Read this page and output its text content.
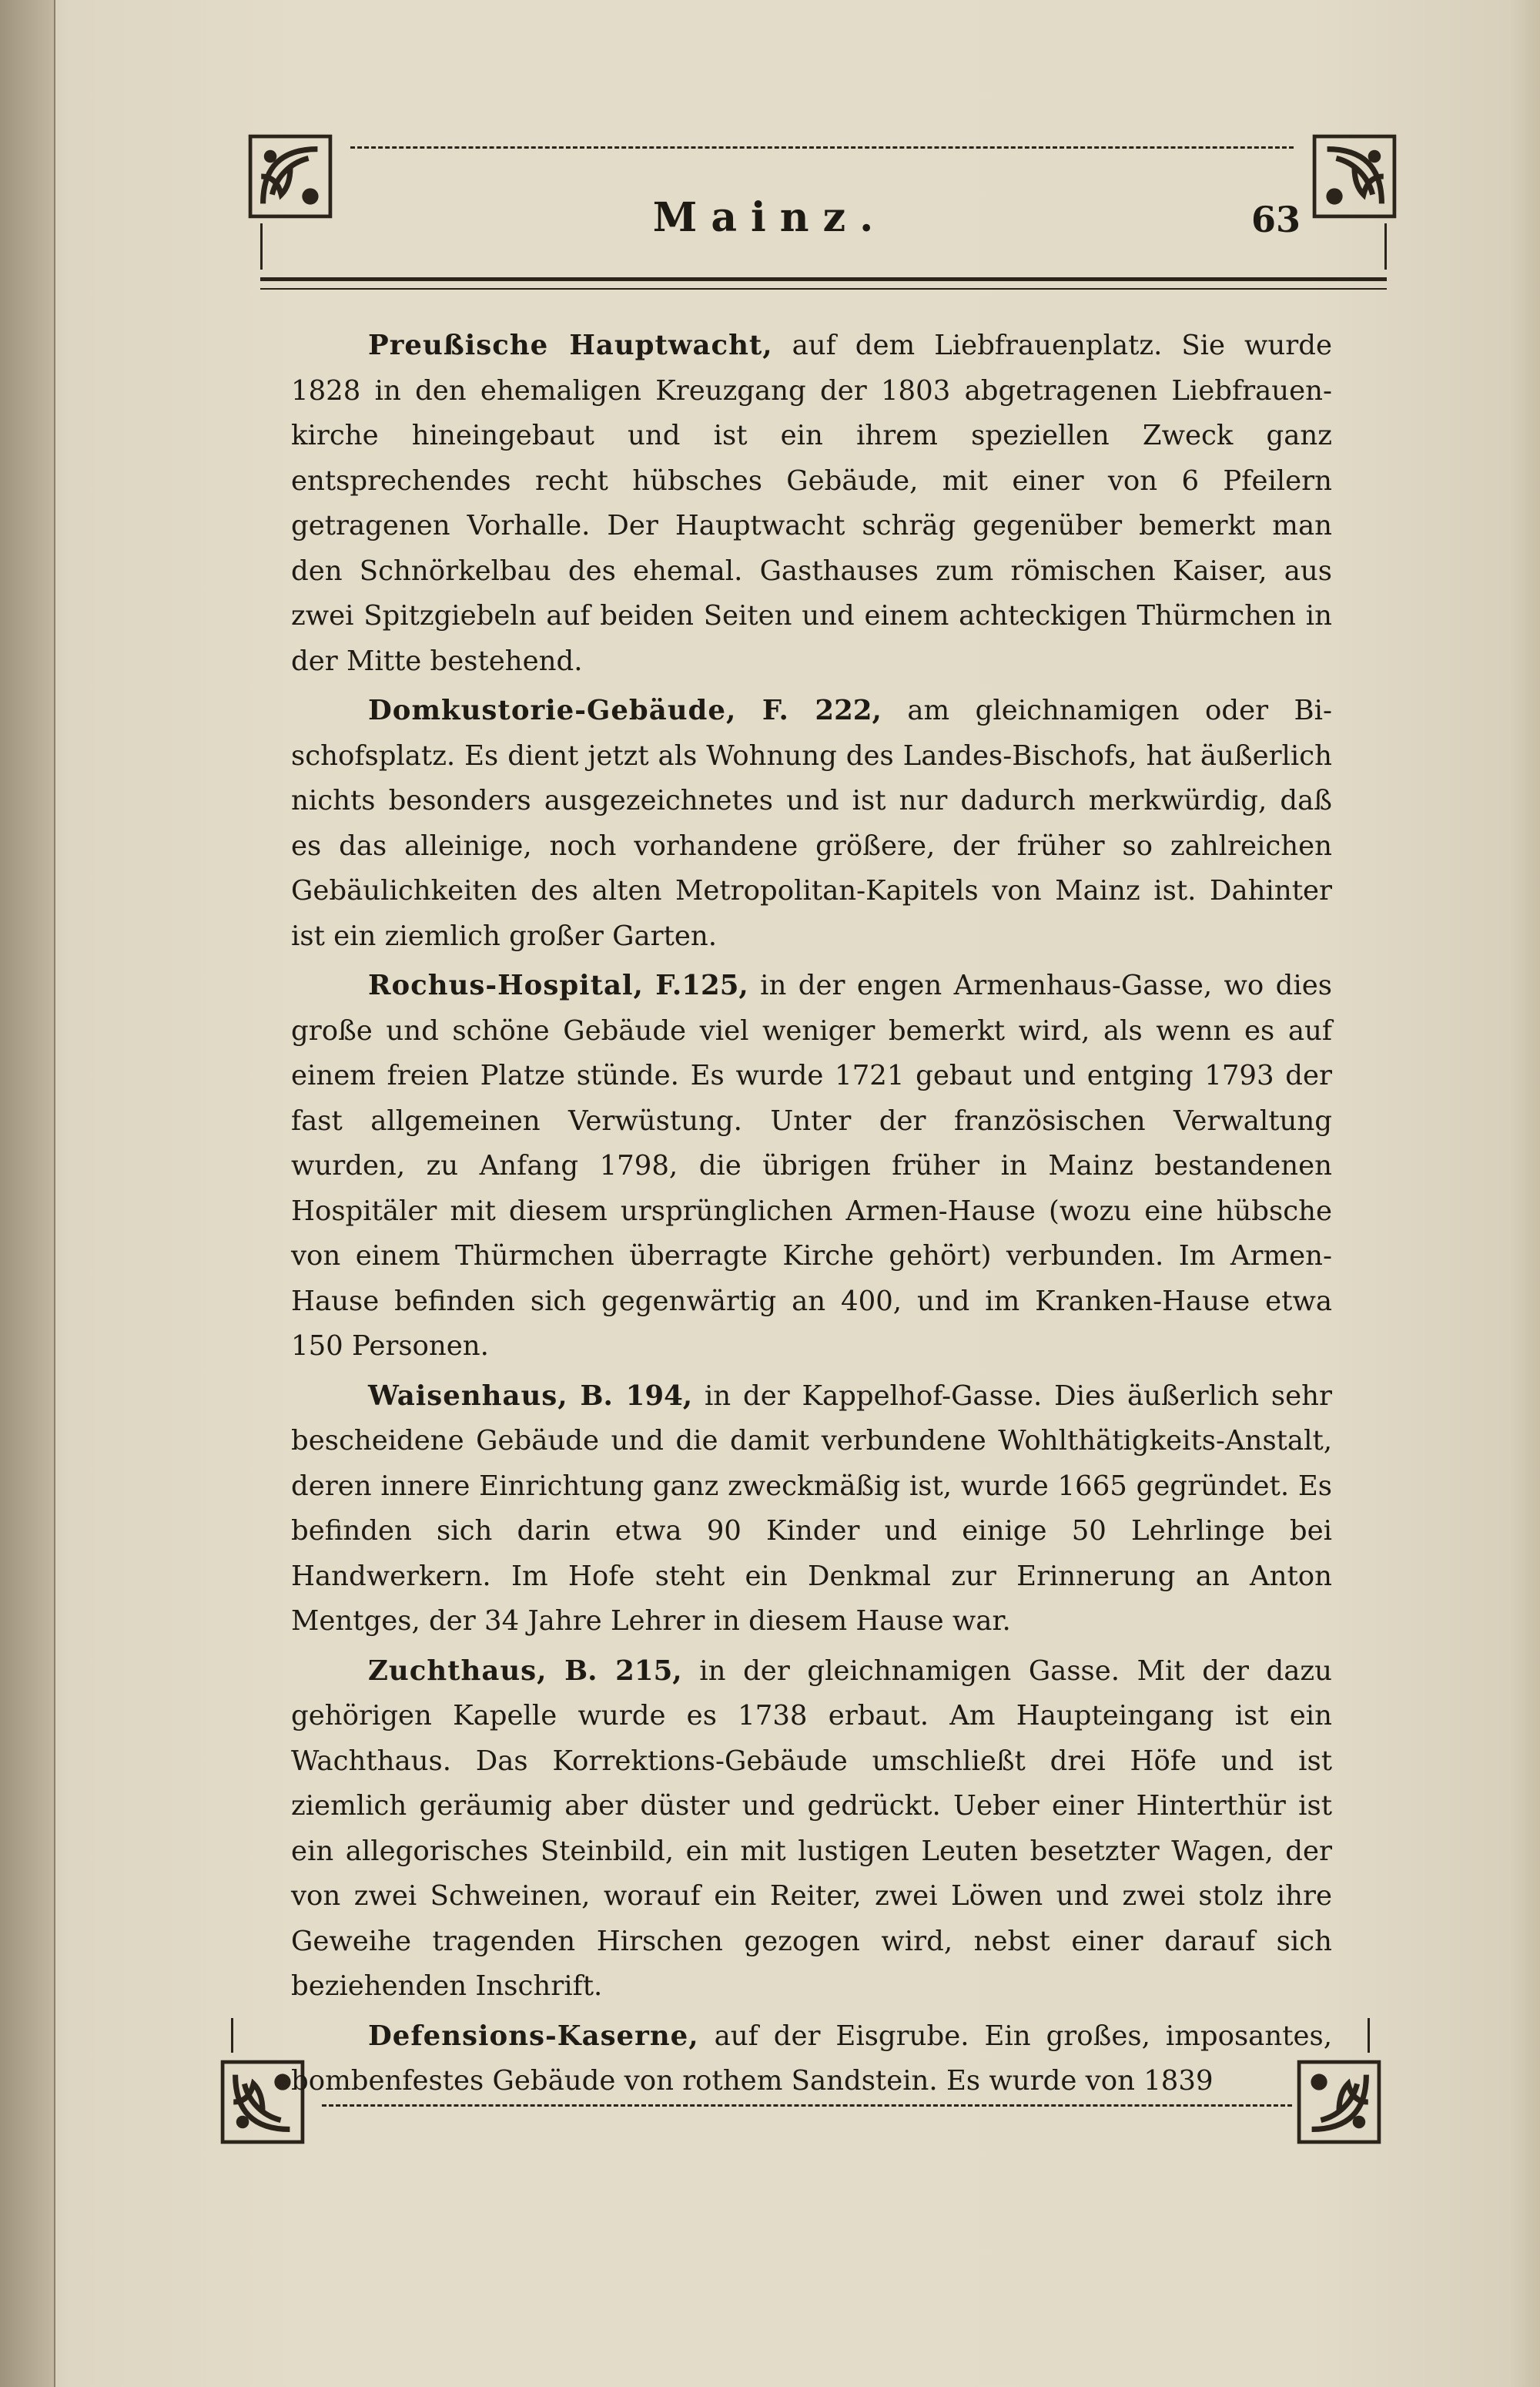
Mainz.	63

Preußische Hauptwacht, auf dem Liebfrauenplatz. Sie wurde 1828 in den ehemaligen Kreuzgang der 1803 abgetragenen Liebfrauenkirche hineingebaut und ist ein ihrem speziellen Zweck ganz entsprechendes recht hübsches Gebäude, mit einer von 6 Pfeilern getragenen Vorhalle. Der Hauptwacht schräg gegenüber bemerkt man den Schnörkelbau des ehemal. Gasthauses zum römischen Kaiser, aus zwei Spitzgiebeln auf beiden Seiten und einem achteckigen Thürmchen in der Mitte bestehend.

Domkustorie-Gebäude, F. 222, am gleichnamigen oder Bischofsplatz. Es dient jetzt als Wohnung des Landes-Bischofs, hat äußerlich nichts besonders ausgezeichnetes und ist nur dadurch merkwürdig, daß es das alleinige, noch vorhandene größere, der früher so zahlreichen Gebäulichkeiten des alten Metropolitan-Kapitels von Mainz ist. Dahinter ist ein ziemlich großer Garten.

Rochus-Hospital, F.125, in der engen Armenhaus-Gasse, wo dies große und schöne Gebäude viel weniger bemerkt wird, als wenn es auf einem freien Platze stünde. Es wurde 1721 gebaut und entging 1793 der fast allgemeinen Verwüstung. Unter der französischen Verwaltung wurden, zu Anfang 1798, die übrigen früher in Mainz bestandenen Hospitäler mit diesem ursprünglichen Armen-Hause (wozu eine hübsche von einem Thürmchen überragte Kirche gehört) verbunden. Im Armen-Hause befinden sich gegenwärtig an 400, und im Kranken-Hause etwa 150 Personen.

Waisenhaus, B. 194, in der Kappelhof-Gasse. Dies äußerlich sehr bescheidene Gebäude und die damit verbundene Wohlthätigkeits-Anstalt, deren innere Einrichtung ganz zweckmäßig ist, wurde 1665 gegründet. Es befinden sich darin etwa 90 Kinder und einige 50 Lehrlinge bei Handwerkern. Im Hofe steht ein Denkmal zur Erinnerung an Anton Mentges, der 34 Jahre Lehrer in diesem Hause war.

Zuchthaus, B. 215, in der gleichnamigen Gasse. Mit der dazu gehörigen Kapelle wurde es 1738 erbaut. Am Haupteingang ist ein Wachthaus. Das Korrektions-Gebäude umschließt drei Höfe und ist ziemlich geräumig aber düster und gedrückt. Ueber einer Hinterthür ist ein allegorisches Steinbild, ein mit lustigen Leuten besetzter Wagen, der von zwei Schweinen, worauf ein Reiter, zwei Löwen und zwei stolz ihre Geweihe tragenden Hirschen gezogen wird, nebst einer darauf sich beziehenden Inschrift.

Defensions-Kaserne, auf der Eisgrube. Ein großes, imposantes, bombenfestes Gebäude von rothem Sandstein. Es wurde von 1839
